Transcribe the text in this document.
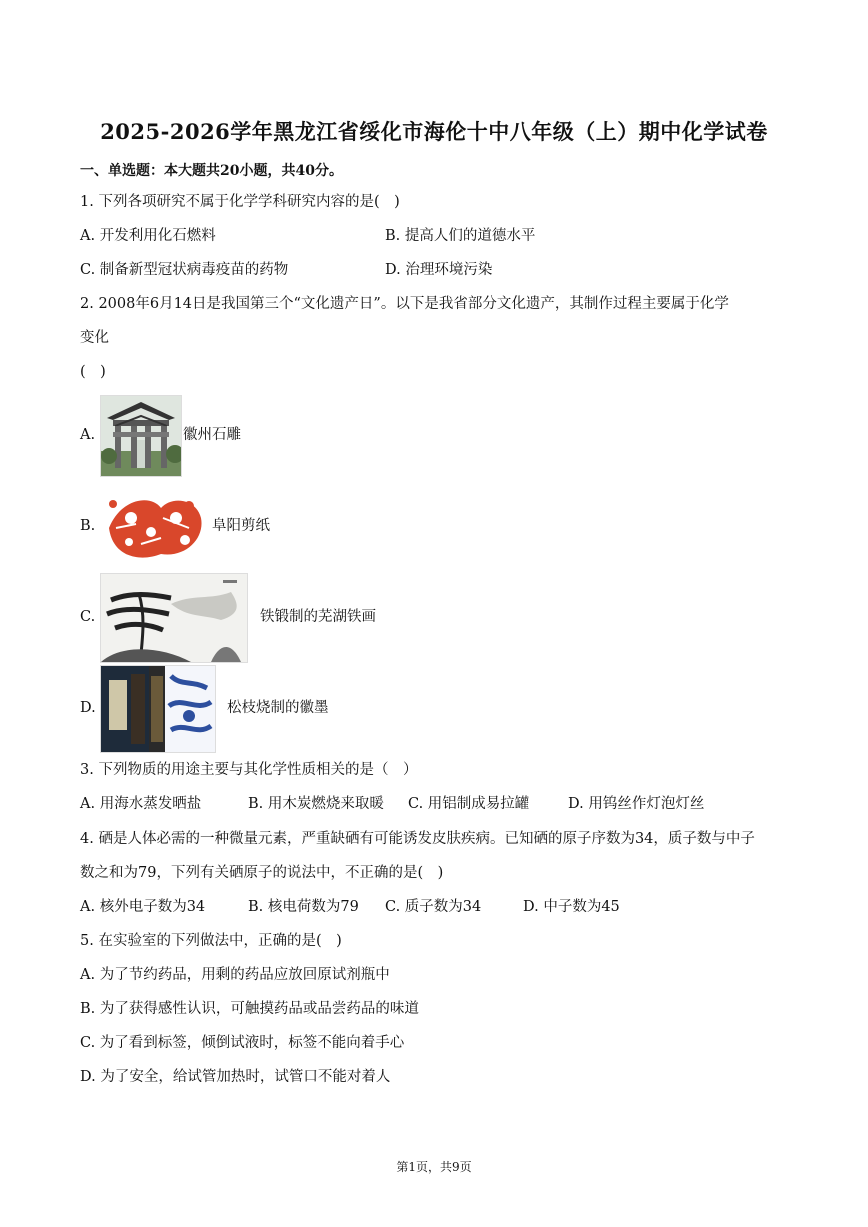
2025-2026学年黑龙江省绥化市海伦十中八年级（上）期中化学试卷
一、单选题：本大题共20小题，共40分。
1. 下列各项研究不属于化学学科研究内容的是(　)
A. 开发利用化石燃料	B. 提高人们的道德水平
C. 制备新型冠状病毒疫苗的药物	D. 治理环境污染
2. 2008年6月14日是我国第三个“文化遗产日”。以下是我省部分文化遗产，其制作过程主要属于化学
变化
(　)
A.	徽州石雕
B.	阜阳剪纸
C.	铁锻制的芜湖铁画
D.	松枝烧制的徽墨
3. 下列物质的用途主要与其化学性质相关的是（　）
A. 用海水蒸发晒盐	B. 用木炭燃烧来取暖 C. 用铝制成易拉罐	D. 用钨丝作灯泡灯丝
4. 硒是人体必需的一种微量元素，严重缺硒有可能诱发皮肤疾病。已知硒的原子序数为34，质子数与中子
数之和为79，下列有关硒原子的说法中，不正确的是(　)
A. 核外电子数为34	B. 核电荷数为79 C. 质子数为34	D. 中子数为45
5. 在实验室的下列做法中，正确的是(　)
A. 为了节约药品，用剩的药品应放回原试剂瓶中
B. 为了获得感性认识，可触摸药品或品尝药品的味道
C. 为了看到标签，倾倒试液时，标签不能向着手心
D. 为了安全，给试管加热时，试管口不能对着人
第1页，共9页
